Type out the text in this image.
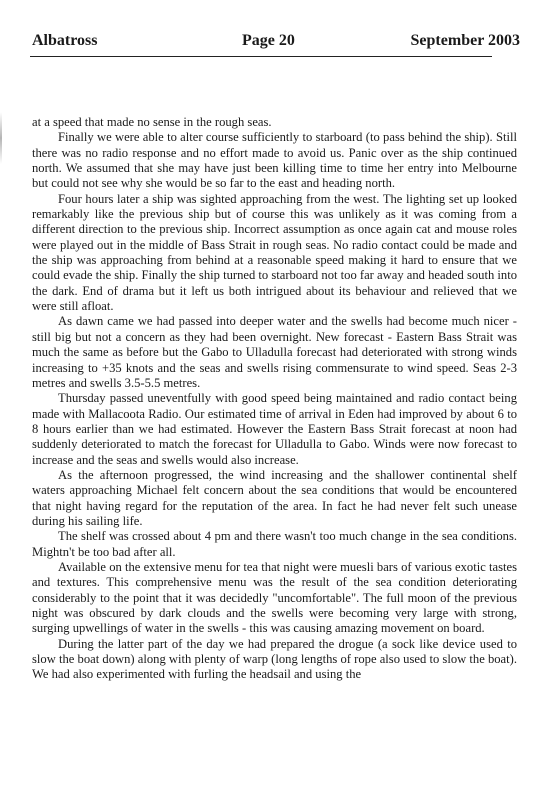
Albatross	Page 20	September 2003

at a speed that made no sense in the rough seas.

Finally we were able to alter course sufficiently to starboard (to pass behind the ship). Still there was no radio response and no effort made to avoid us. Panic over as the ship continued north. We assumed that she may have just been killing time to time her entry into Melbourne but could not see why she would be so far to the east and heading north.

Four hours later a ship was sighted approaching from the west. The lighting set up looked remarkably like the previous ship but of course this was unlikely as it was coming from a different direction to the previous ship. Incorrect assumption as once again cat and mouse roles were played out in the middle of Bass Strait in rough seas. No radio contact could be made and the ship was approaching from behind at a reasonable speed making it hard to ensure that we could evade the ship. Finally the ship turned to starboard not too far away and headed south into the dark. End of drama but it left us both intrigued about its behaviour and relieved that we were still afloat.

As dawn came we had passed into deeper water and the swells had become much nicer - still big but not a concern as they had been overnight. New forecast - Eastern Bass Strait was much the same as before but the Gabo to Ulladulla forecast had deteriorated with strong winds increasing to +35 knots and the seas and swells rising commensurate to wind speed. Seas 2-3 metres and swells 3.5-5.5 metres.

Thursday passed uneventfully with good speed being maintained and radio contact being made with Mallacoota Radio. Our estimated time of arrival in Eden had improved by about 6 to 8 hours earlier than we had estimated. However the Eastern Bass Strait forecast at noon had suddenly deteriorated to match the forecast for Ulladulla to Gabo. Winds were now forecast to increase and the seas and swells would also increase.

As the afternoon progressed, the wind increasing and the shallower continental shelf waters approaching Michael felt concern about the sea conditions that would be encountered that night having regard for the reputation of the area. In fact he had never felt such unease during his sailing life.

The shelf was crossed about 4 pm and there wasn't too much change in the sea conditions. Mightn't be too bad after all.

Available on the extensive menu for tea that night were muesli bars of various exotic tastes and textures. This comprehensive menu was the result of the sea condition deteriorating considerably to the point that it was decidedly "uncomfortable". The full moon of the previous night was obscured by dark clouds and the swells were becoming very large with strong, surging upwellings of water in the swells - this was causing amazing movement on board.

During the latter part of the day we had prepared the drogue (a sock like device used to slow the boat down) along with plenty of warp (long lengths of rope also used to slow the boat). We had also experimented with furling the headsail and using the
